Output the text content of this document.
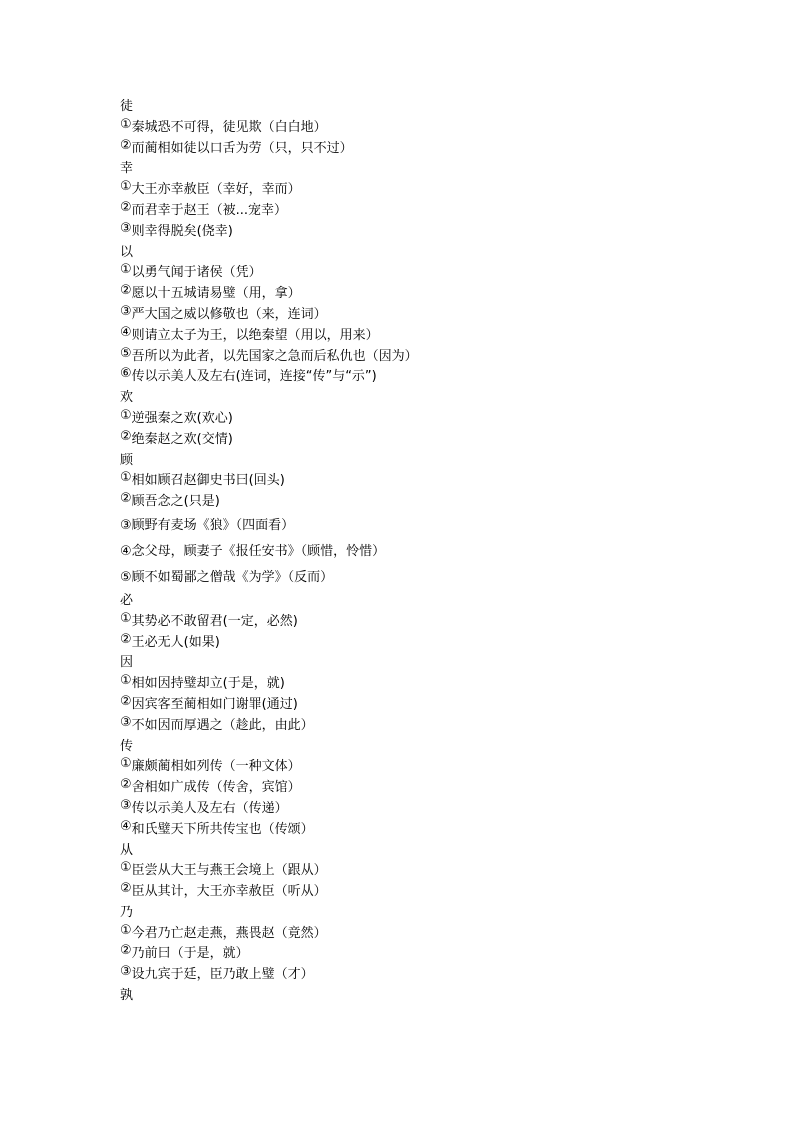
徒
①秦城恐不可得，徒见欺（白白地）
②而蔺相如徒以口舌为劳（只，只不过）
幸
①大王亦幸赦臣（幸好，幸而）
②而君幸于赵王（被...宠幸）
③则幸得脱矣(侥幸)
以
①以勇气闻于诸侯（凭）
②愿以十五城请易璧（用，拿）
③严大国之威以修敬也（来，连词）
④则请立太子为王，以绝秦望（用以，用来）
⑤吾所以为此者，以先国家之急而后私仇也（因为）
⑥传以示美人及左右(连词，连接“传”与“示”)
欢
①逆强秦之欢(欢心)
②绝秦赵之欢(交情)
顾
①相如顾召赵御史书曰(回头)
②顾吾念之(只是)
③顾野有麦场《狼》（四面看）
④念父母，顾妻子《报任安书》（顾惜，怜惜）
⑤顾不如蜀鄙之僧哉《为学》（反而）
必
①其势必不敢留君(一定，必然)
②王必无人(如果)
因
①相如因持璧却立(于是，就)
②因宾客至蔺相如门谢罪(通过)
③不如因而厚遇之（趁此，由此）
传
①廉颇蔺相如列传（一种文体）
②舍相如广成传（传舍，宾馆）
③传以示美人及左右（传递）
④和氏璧天下所共传宝也（传颂）
从
①臣尝从大王与燕王会境上（跟从）
②臣从其计，大王亦幸赦臣（听从）
乃
①今君乃亡赵走燕，燕畏赵（竟然）
②乃前曰（于是，就）
③设九宾于廷，臣乃敢上璧（才）
孰
